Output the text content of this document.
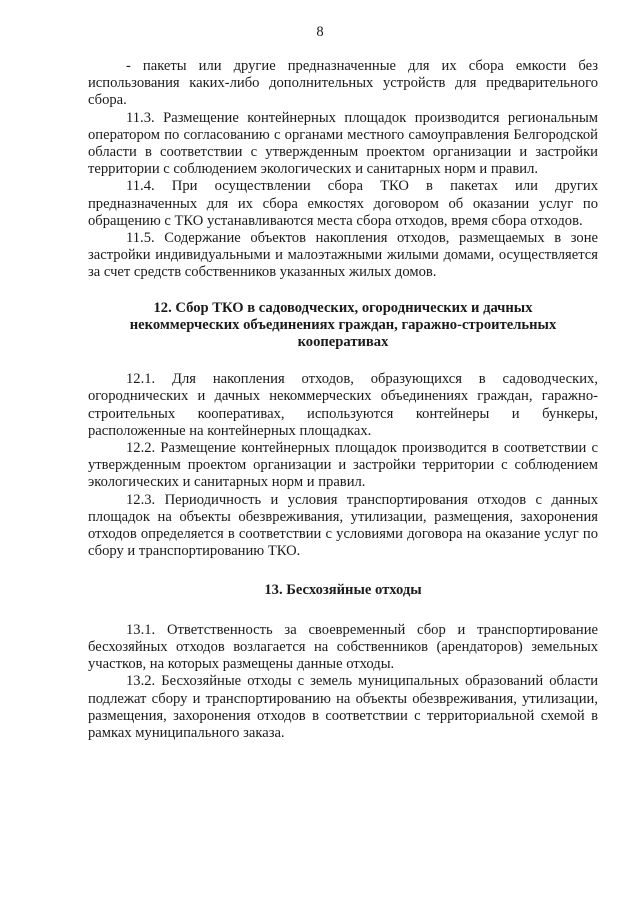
8

- пакеты или другие предназначенные для их сбора емкости без использования каких-либо дополнительных устройств для предварительного сбора.

11.3. Размещение контейнерных площадок производится региональным оператором по согласованию с органами местного самоуправления Белгородской области в соответствии с утвержденным проектом организации и застройки территории с соблюдением экологических и санитарных норм и правил.

11.4. При осуществлении сбора ТКО в пакетах или других предназначенных для их сбора емкостях договором об оказании услуг по обращению с ТКО устанавливаются места сбора отходов, время сбора отходов.

11.5. Содержание объектов накопления отходов, размещаемых в зоне застройки индивидуальными и малоэтажными жилыми домами, осуществляется за счет средств собственников указанных жилых домов.

12. Сбор ТКО в садоводческих, огороднических и дачных некоммерческих объединениях граждан, гаражно-строительных кооперативах

12.1. Для накопления отходов, образующихся в садоводческих, огороднических и дачных некоммерческих объединениях граждан, гаражно-строительных кооперативах, используются контейнеры и бункеры, расположенные на контейнерных площадках.

12.2. Размещение контейнерных площадок производится в соответствии с утвержденным проектом организации и застройки территории с соблюдением экологических и санитарных норм и правил.

12.3. Периодичность и условия транспортирования отходов с данных площадок на объекты обезвреживания, утилизации, размещения, захоронения отходов определяется в соответствии с условиями договора на оказание услуг по сбору и транспортированию ТКО.

13. Бесхозяйные отходы

13.1. Ответственность за своевременный сбор и транспортирование бесхозяйных отходов возлагается на собственников (арендаторов) земельных участков, на которых размещены данные отходы.

13.2. Бесхозяйные отходы с земель муниципальных образований области подлежат сбору и транспортированию на объекты обезвреживания, утилизации, размещения, захоронения отходов в соответствии с территориальной схемой в рамках муниципального заказа.
